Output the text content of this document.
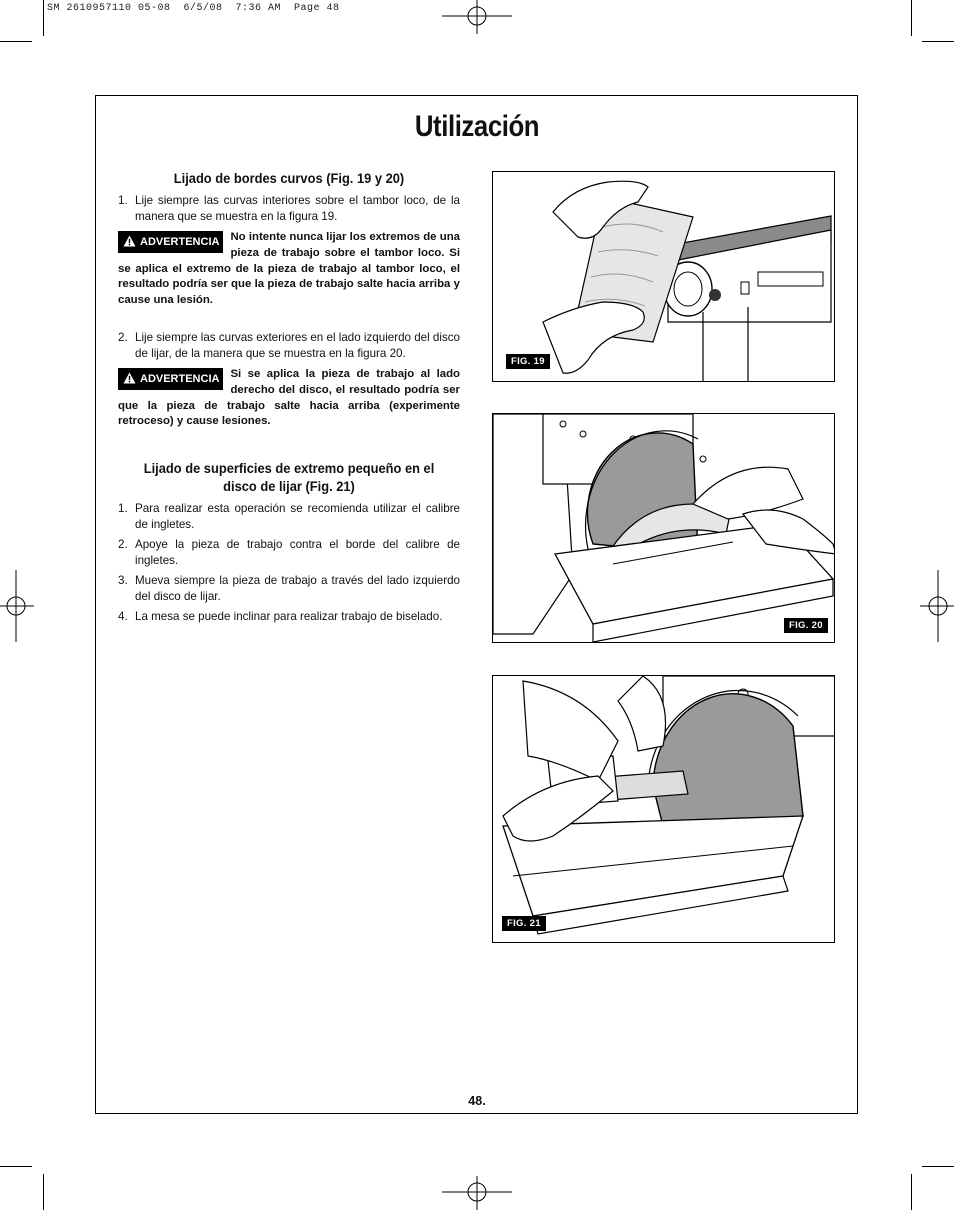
SM 2610957110 05-08  6/5/08  7:36 AM  Page 48
Utilización
Lijado de bordes curvos (Fig. 19 y 20)
1. Lije siempre las curvas interiores sobre el tambor loco, de la manera que se muestra en la figura 19.
ADVERTENCIA No intente nunca lijar los extremos de una pieza de trabajo sobre el tambor loco. Si se aplica el extremo de la pieza de trabajo al tambor loco, el resultado podría ser que la pieza de trabajo salte hacia arriba y cause una lesión.
2. Lije siempre las curvas exteriores en el lado izquierdo del disco de lijar, de la manera que se muestra en la figura 20.
ADVERTENCIA Si se aplica la pieza de trabajo al lado derecho del disco, el resultado podría ser que la pieza de trabajo salte hacia arriba (experimente retroceso) y cause lesiones.
Lijado de superficies de extremo pequeño en el
disco de lijar (Fig. 21)
1. Para realizar esta operación se recomienda utilizar el calibre de ingletes.
2. Apoye la pieza de trabajo contra el borde del calibre de ingletes.
3. Mueva siempre la pieza de trabajo a través del lado izquierdo del disco de lijar.
4. La mesa se puede inclinar para realizar trabajo de biselado.
FIG. 19
FIG. 20
FIG. 21
48.
